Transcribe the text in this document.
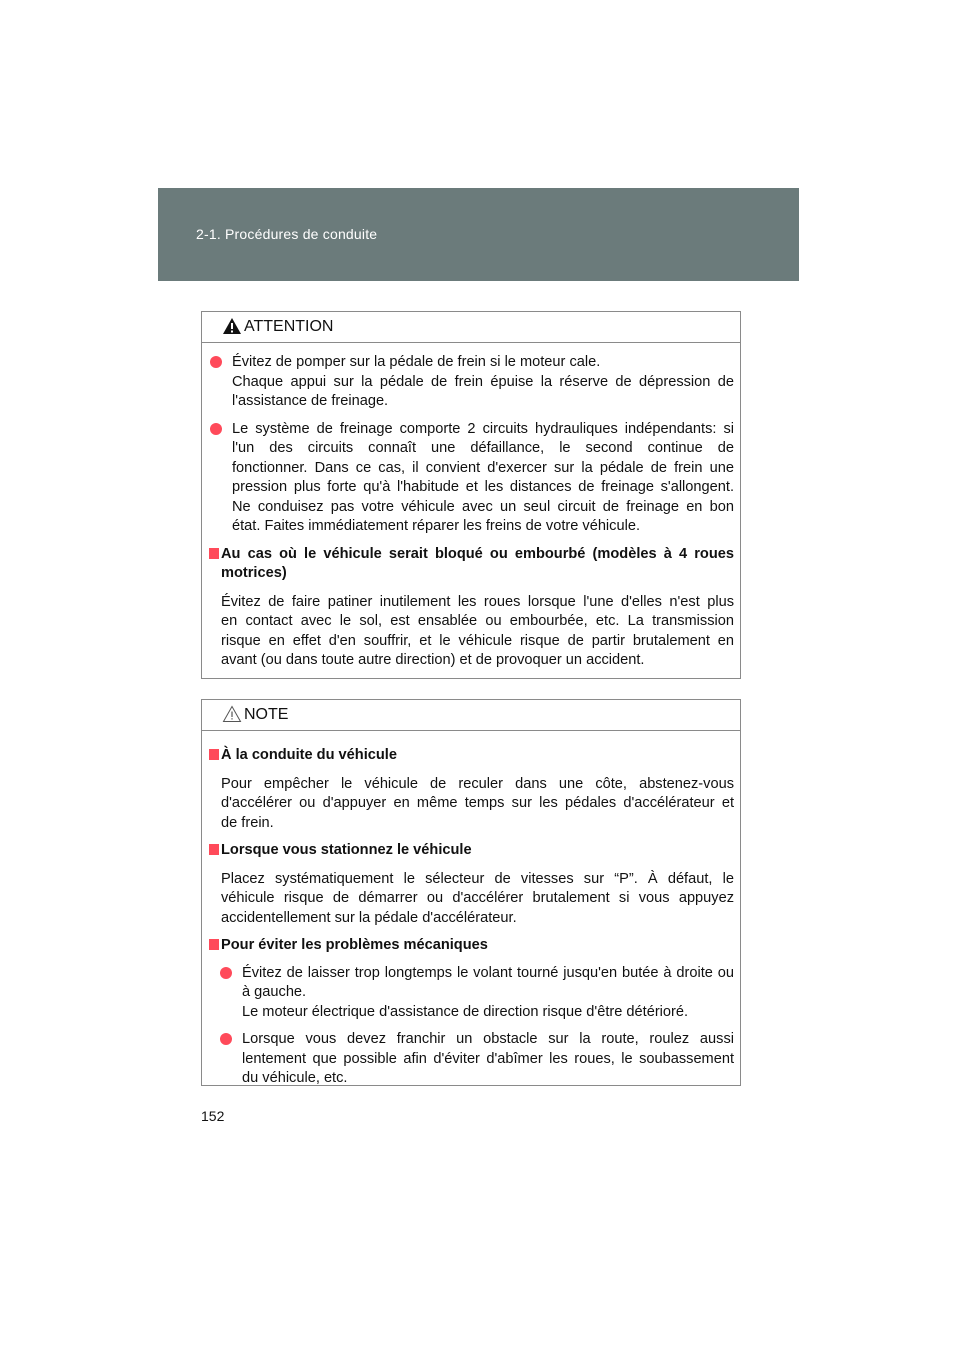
2-1. Procédures de conduite
ATTENTION
Évitez de pomper sur la pédale de frein si le moteur cale.
Chaque appui sur la pédale de frein épuise la réserve de dépression de
l'assistance de freinage.
Le système de freinage comporte 2 circuits hydrauliques indépendants: si
l'un des circuits connaît une défaillance, le second continue de
fonctionner. Dans ce cas, il convient d'exercer sur la pédale de frein une
pression plus forte qu'à l'habitude et les distances de freinage s'allongent.
Ne conduisez pas votre véhicule avec un seul circuit de freinage en bon
état. Faites immédiatement réparer les freins de votre véhicule.
Au cas où le véhicule serait bloqué ou embourbé (modèles à 4 roues
motrices)
Évitez de faire patiner inutilement les roues lorsque l'une d'elles n'est plus
en contact avec le sol, est ensablée ou embourbée, etc. La transmission
risque en effet d'en souffrir, et le véhicule risque de partir brutalement en
avant (ou dans toute autre direction) et de provoquer un accident.
NOTE
À la conduite du véhicule
Pour empêcher le véhicule de reculer dans une côte, abstenez-vous
d'accélérer ou d'appuyer en même temps sur les pédales d'accélérateur et
de frein.
Lorsque vous stationnez le véhicule
Placez systématiquement le sélecteur de vitesses sur “P”. À défaut, le
véhicule risque de démarrer ou d'accélérer brutalement si vous appuyez
accidentellement sur la pédale d'accélérateur.
Pour éviter les problèmes mécaniques
Évitez de laisser trop longtemps le volant tourné jusqu'en butée à droite ou
à gauche.
Le moteur électrique d'assistance de direction risque d'être détérioré.
Lorsque vous devez franchir un obstacle sur la route, roulez aussi
lentement que possible afin d'éviter d'abîmer les roues, le soubassement
du véhicule, etc.
152
